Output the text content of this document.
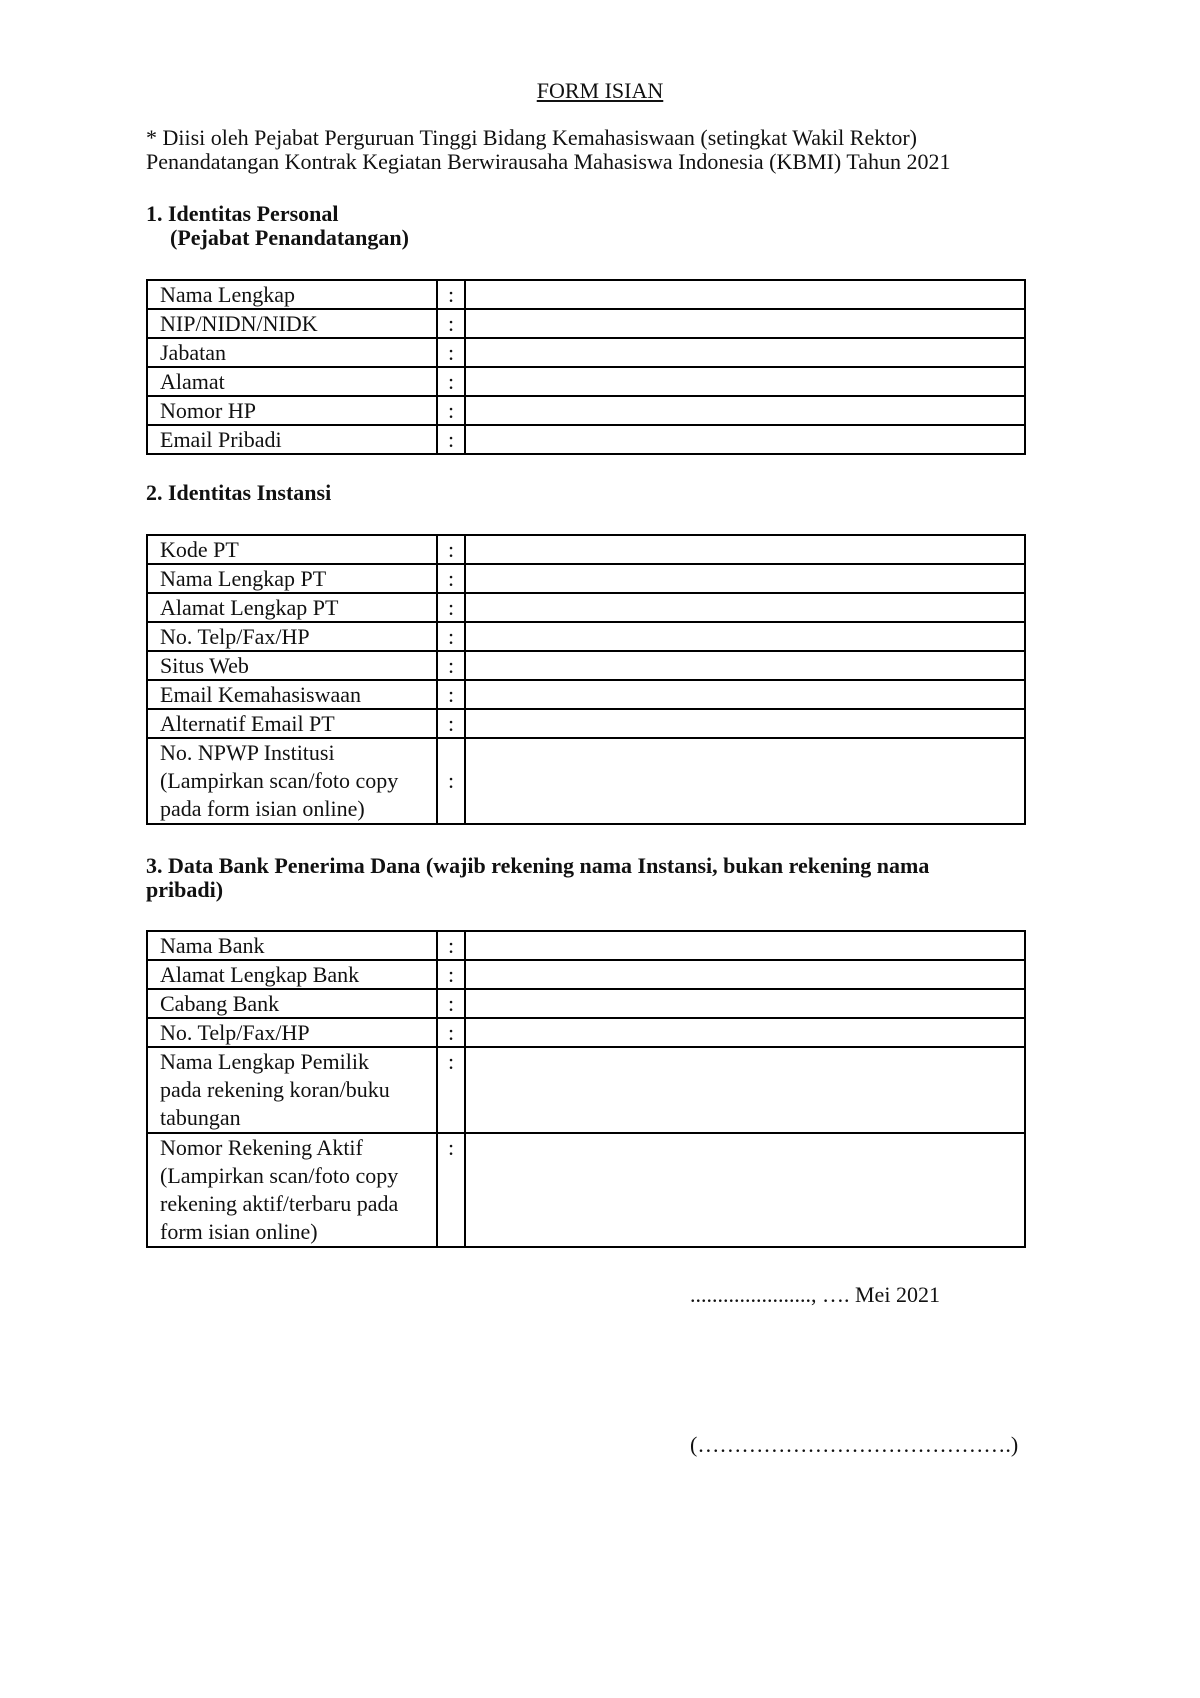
FORM ISIAN
* Diisi oleh Pejabat Perguruan Tinggi Bidang Kemahasiswaan (setingkat Wakil Rektor)
Penandatangan Kontrak Kegiatan Berwirausaha Mahasiswa Indonesia (KBMI) Tahun 2021
1. Identitas Personal
(Pejabat Penandatangan)
Nama Lengkap	:	
NIP/NIDN/NIDK	:	
Jabatan	:	
Alamat	:	
Nomor HP	:	
Email Pribadi	:	
2. Identitas Instansi
Kode PT	:	
Nama Lengkap PT	:	
Alamat Lengkap PT	:	
No. Telp/Fax/HP	:	
Situs Web	:	
Email Kemahasiswaan	:	
Alternatif Email PT	:	

No. NPWP Institusi
(Lampirkan scan/foto copy
pada form isian online)	:	
3. Data Bank Penerima Dana (wajib rekening nama Instansi, bukan rekening nama
pribadi)
Nama Bank	:	
Alamat Lengkap Bank	:	
Cabang Bank	:	
No. Telp/Fax/HP	:	

Nama Lengkap Pemilik
pada rekening koran/buku
tabungan	:	

Nomor Rekening Aktif
(Lampirkan scan/foto copy
rekening aktif/terbaru pada
form isian online)	:	
......................, …. Mei 2021
(…………………………………….)
